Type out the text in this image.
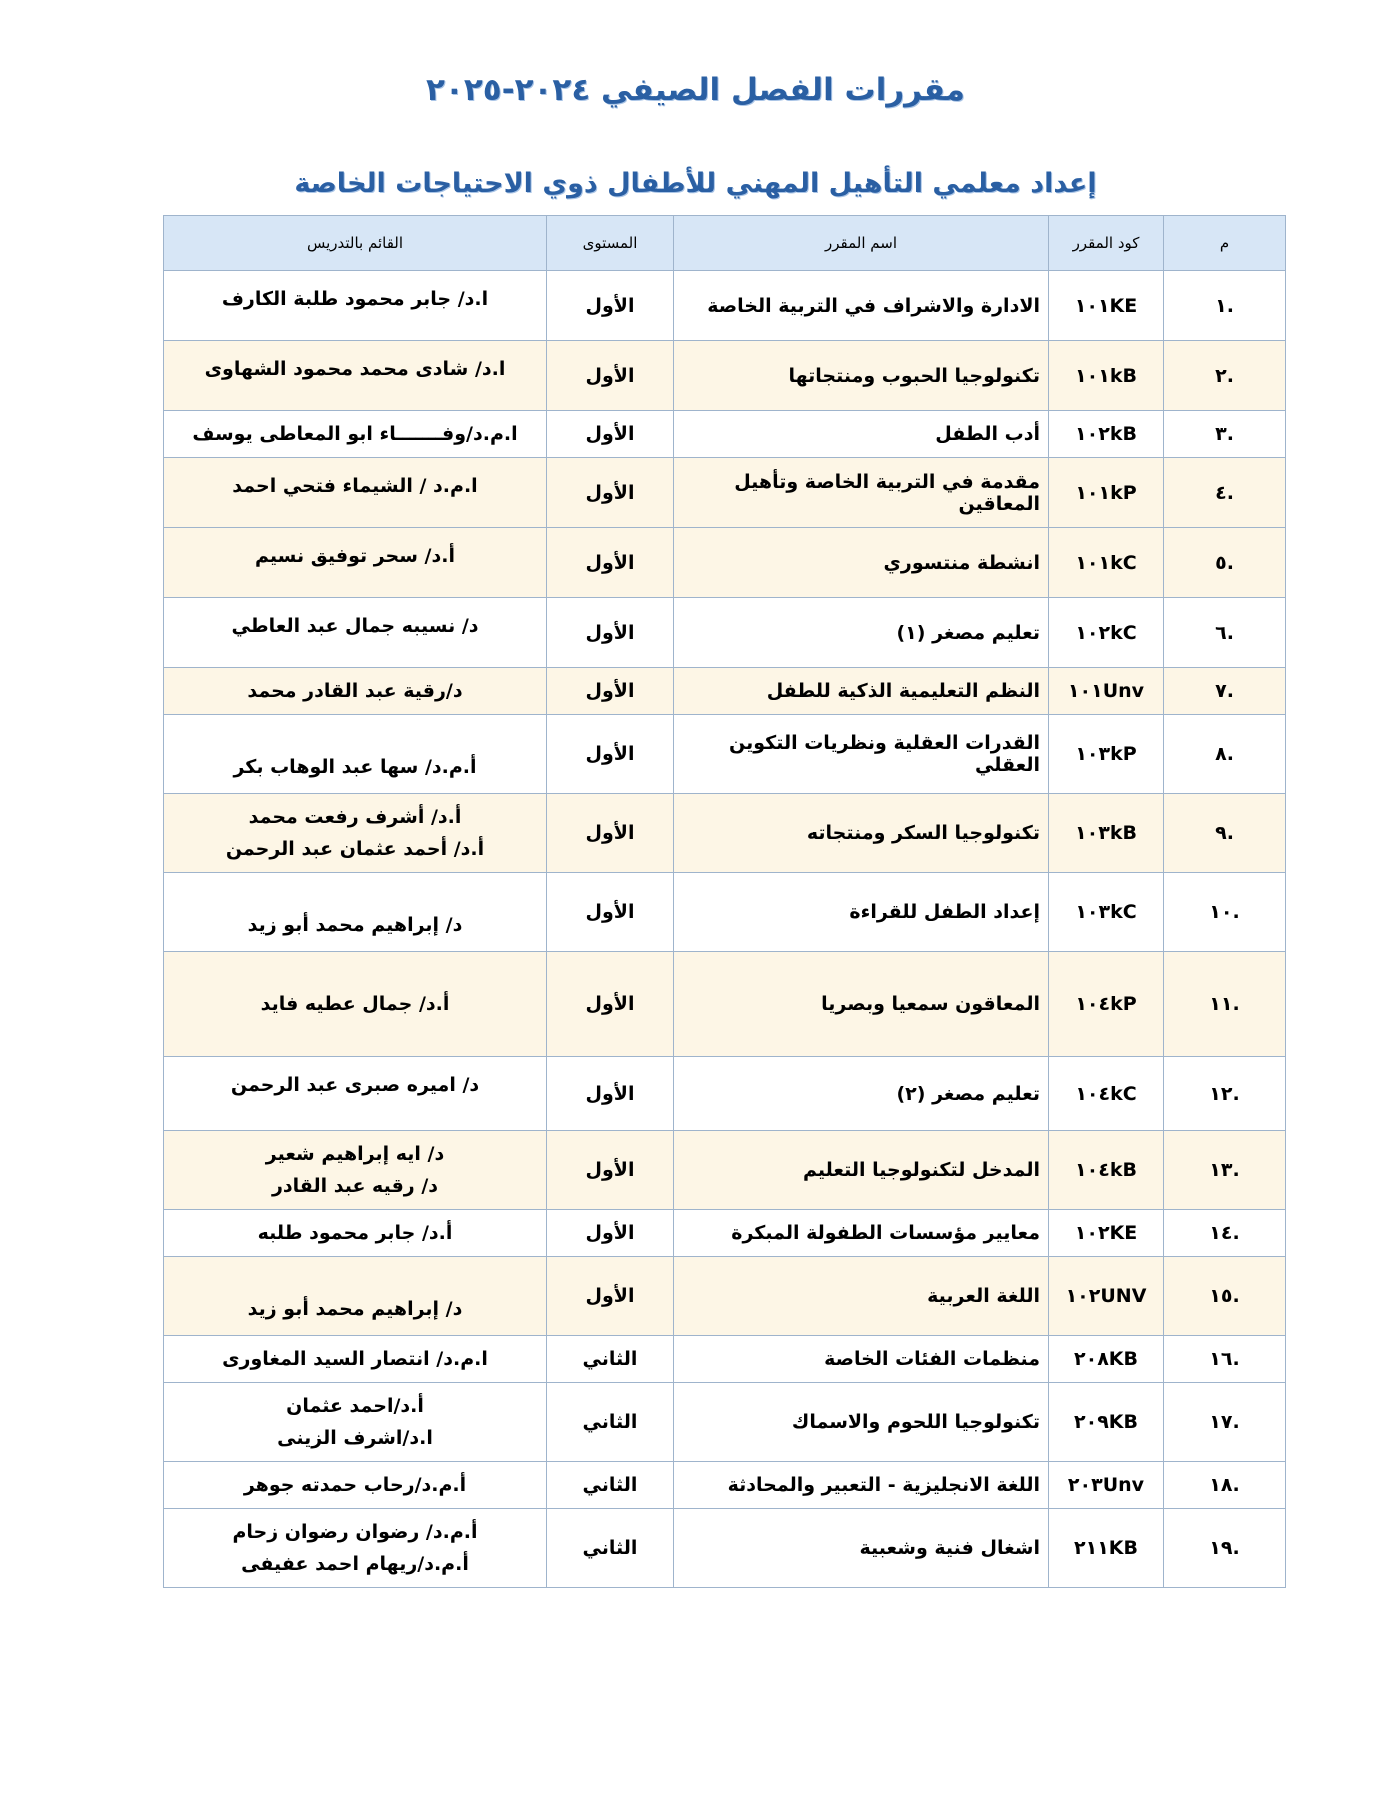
مقررات الفصل الصيفي ٢٠٢٤-٢٠٢٥
إعداد معلمي التأهيل المهني للأطفال ذوي الاحتياجات الخاصة
م	كود المقرر	اسم المقرر	المستوى	القائم بالتدريس
.١	١٠١KE	الادارة والاشراف في التربية الخاصة	الأول	ا.د/ جابر محمود طلبة الكارف

.٢	١٠١kB	تكنولوجيا الحبوب ومنتجاتها	الأول	ا.د/ شادى محمد محمود الشهاوى

.٣	١٠٢kB	أدب الطفل	الأول	ا.م.د/وفـــــــاء ابو المعاطى يوسف

.٤	١٠١kP	مقدمة في التربية الخاصة وتأهيل المعاقين	الأول	ا.م.د / الشيماء فتحي احمد

.٥	١٠١kC	انشطة منتسوري	الأول	أ.د/ سحر توفيق نسيم

.٦	١٠٢kC	تعليم مصغر (١)	الأول	د/ نسيبه جمال عبد العاطي

.٧	١٠١Unv	النظم التعليمية الذكية للطفل	الأول	د/رقية عبد القادر محمد

.٨	١٠٣kP	القدرات العقلية ونظريات التكوين العقلي	الأول	أ.م.د/ سها عبد الوهاب بكر

.٩	١٠٣kB	تكنولوجيا السكر ومنتجاته	الأول	أ.د/ أشرف رفعت محمد
أ.د/ أحمد عثمان عبد الرحمن

.١٠	١٠٣kC	إعداد الطفل للقراءة	الأول	د/ إبراهيم محمد أبو زيد

.١١	١٠٤kP	المعاقون سمعيا وبصريا	الأول	أ.د/ جمال عطيه فايد

.١٢	١٠٤kC	تعليم مصغر (٢)	الأول	د/ اميره صبرى عبد الرحمن

.١٣	١٠٤kB	المدخل لتكنولوجيا التعليم	الأول	د/ ايه إبراهيم شعير
د/ رقيه عبد القادر

.١٤	١٠٢KE	معايير مؤسسات الطفولة المبكرة	الأول	أ.د/ جابر محمود طلبه

.١٥	١٠٢UNV	اللغة العربية	الأول	د/ إبراهيم محمد أبو زيد

.١٦	٢٠٨KB	منظمات الفئات الخاصة	الثاني	ا.م.د/ انتصار السيد المغاورى

.١٧	٢٠٩KB	تكنولوجيا اللحوم والاسماك	الثاني	أ.د/احمد عثمان
ا.د/اشرف الزينى

.١٨	٢٠٣Unv	اللغة الانجليزية - التعبير والمحادثة	الثاني	أ.م.د/رحاب حمدته جوهر

.١٩	٢١١KB	اشغال فنية وشعبية	الثاني	أ.م.د/ رضوان رضوان زحام
أ.م.د/ريهام احمد عفيفى
